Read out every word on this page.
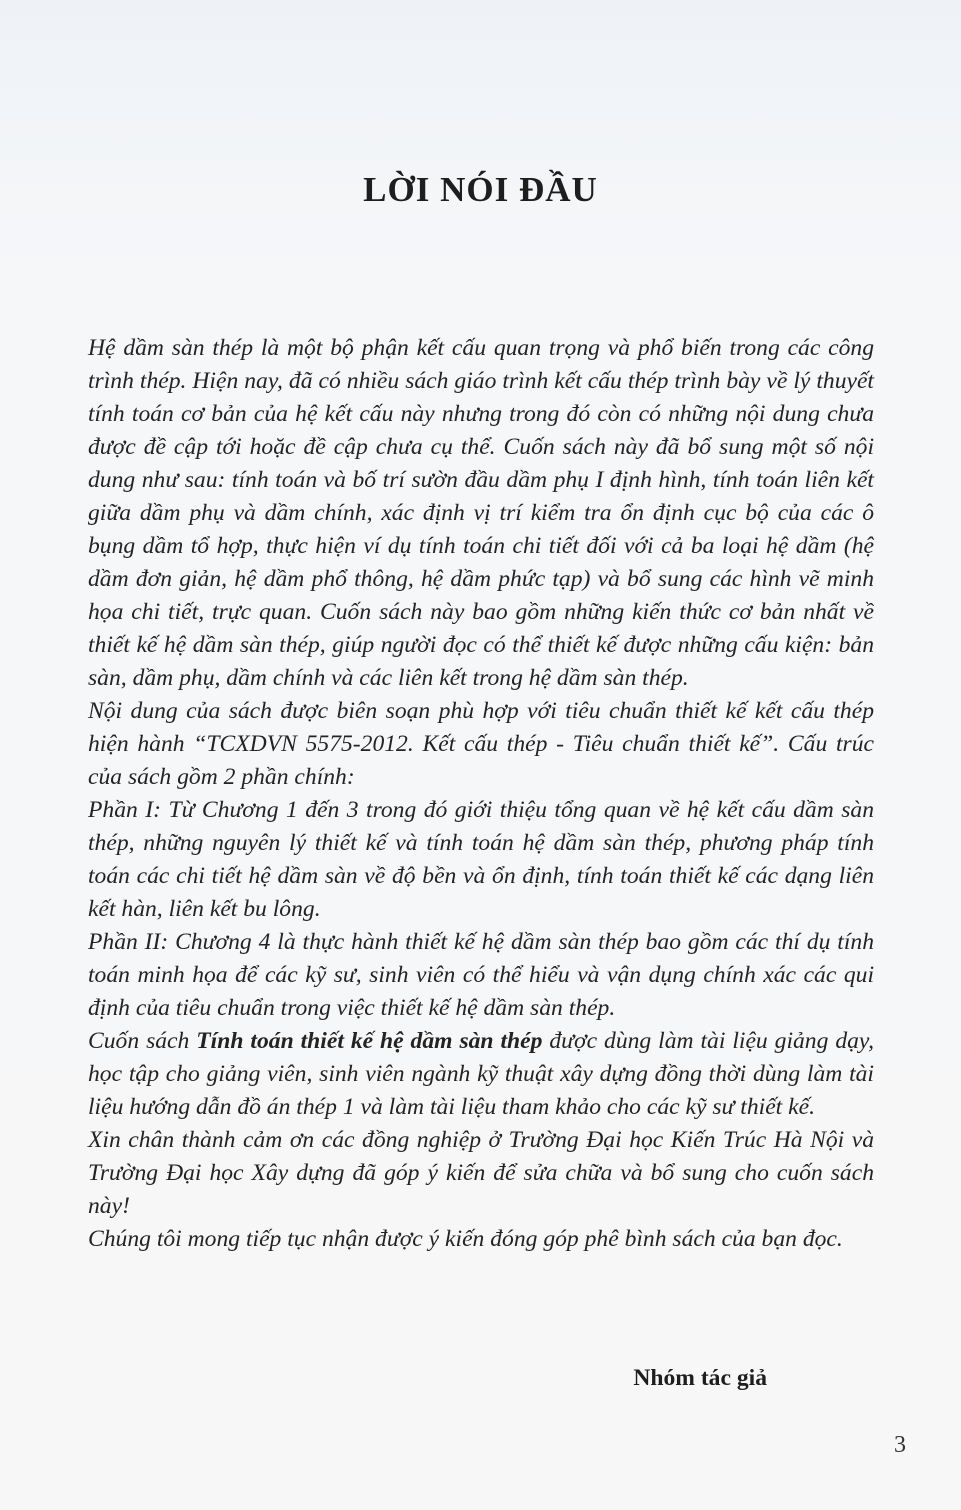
LỜI NÓI ĐẦU

Hệ dầm sàn thép là một bộ phận kết cấu quan trọng và phổ biến trong các công trình thép. Hiện nay, đã có nhiều sách giáo trình kết cấu thép trình bày về lý thuyết tính toán cơ bản của hệ kết cấu này nhưng trong đó còn có những nội dung chưa được đề cập tới hoặc đề cập chưa cụ thể. Cuốn sách này đã bổ sung một số nội dung như sau: tính toán và bố trí sườn đầu dầm phụ I định hình, tính toán liên kết giữa dầm phụ và dầm chính, xác định vị trí kiểm tra ổn định cục bộ của các ô bụng dầm tổ hợp, thực hiện ví dụ tính toán chi tiết đối với cả ba loại hệ dầm (hệ dầm đơn giản, hệ dầm phổ thông, hệ dầm phức tạp) và bổ sung các hình vẽ minh họa chi tiết, trực quan. Cuốn sách này bao gồm những kiến thức cơ bản nhất về thiết kế hệ dầm sàn thép, giúp người đọc có thể thiết kế được những cấu kiện: bản sàn, dầm phụ, dầm chính và các liên kết trong hệ dầm sàn thép.

Nội dung của sách được biên soạn phù hợp với tiêu chuẩn thiết kế kết cấu thép hiện hành “TCXDVN 5575-2012. Kết cấu thép - Tiêu chuẩn thiết kế”. Cấu trúc của sách gồm 2 phần chính:

Phần I: Từ Chương 1 đến 3 trong đó giới thiệu tổng quan về hệ kết cấu dầm sàn thép, những nguyên lý thiết kế và tính toán hệ dầm sàn thép, phương pháp tính toán các chi tiết hệ dầm sàn về độ bền và ổn định, tính toán thiết kế các dạng liên kết hàn, liên kết bu lông.

Phần II: Chương 4 là thực hành thiết kế hệ dầm sàn thép bao gồm các thí dụ tính toán minh họa để các kỹ sư, sinh viên có thể hiểu và vận dụng chính xác các qui định của tiêu chuẩn trong việc thiết kế hệ dầm sàn thép.

Cuốn sách Tính toán thiết kế hệ dầm sàn thép được dùng làm tài liệu giảng dạy, học tập cho giảng viên, sinh viên ngành kỹ thuật xây dựng đồng thời dùng làm tài liệu hướng dẫn đồ án thép 1 và làm tài liệu tham khảo cho các kỹ sư thiết kế.

Xin chân thành cảm ơn các đồng nghiệp ở Trường Đại học Kiến Trúc Hà Nội và Trường Đại học Xây dựng đã góp ý kiến để sửa chữa và bổ sung cho cuốn sách này!

Chúng tôi mong tiếp tục nhận được ý kiến đóng góp phê bình sách của bạn đọc.

Nhóm tác giả
3
